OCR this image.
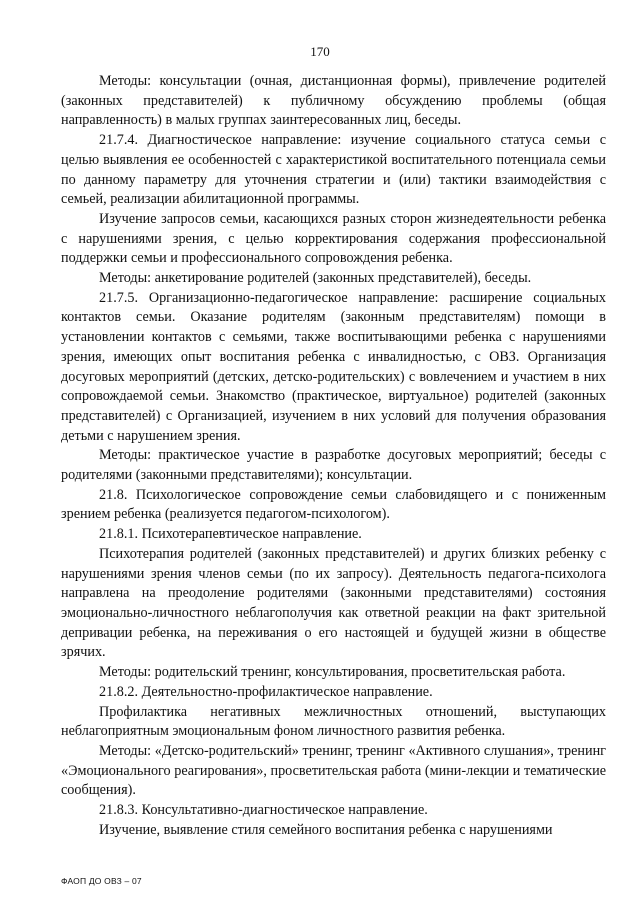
170

Методы: консультации (очная, дистанционная формы), привлечение родителей (законных представителей) к публичному обсуждению проблемы (общая направленность) в малых группах заинтересованных лиц, беседы.

21.7.4. Диагностическое направление: изучение социального статуса семьи с целью выявления ее особенностей с характеристикой воспитательного потенциала семьи по данному параметру для уточнения стратегии и (или) тактики взаимодействия с семьей, реализации абилитационной программы.

Изучение запросов семьи, касающихся разных сторон жизнедеятельности ребенка с нарушениями зрения, с целью корректирования содержания профессиональной поддержки семьи и профессионального сопровождения ребенка.

Методы: анкетирование родителей (законных представителей), беседы.

21.7.5. Организационно-педагогическое направление: расширение социальных контактов семьи. Оказание родителям (законным представителям) помощи в установлении контактов с семьями, также воспитывающими ребенка с нарушениями зрения, имеющих опыт воспитания ребенка с инвалидностью, с ОВЗ. Организация досуговых мероприятий (детских, детско-родительских) с вовлечением и участием в них сопровождаемой семьи. Знакомство (практическое, виртуальное) родителей (законных представителей) с Организацией, изучением в них условий для получения образования детьми с нарушением зрения.

Методы: практическое участие в разработке досуговых мероприятий; беседы с родителями (законными представителями); консультации.

21.8. Психологическое сопровождение семьи слабовидящего и с пониженным зрением ребенка (реализуется педагогом-психологом).

21.8.1. Психотерапевтическое направление.

Психотерапия родителей (законных представителей) и других близких ребенку с нарушениями зрения членов семьи (по их запросу). Деятельность педагога-психолога направлена на преодоление родителями (законными представителями) состояния эмоционально-личностного неблагополучия как ответной реакции на факт зрительной депривации ребенка, на переживания о его настоящей и будущей жизни в обществе зрячих.

Методы: родительский тренинг, консультирования, просветительская работа.

21.8.2. Деятельностно-профилактическое направление.

Профилактика негативных межличностных отношений, выступающих неблагоприятным эмоциональным фоном личностного развития ребенка.

Методы: «Детско-родительский» тренинг, тренинг «Активного слушания», тренинг «Эмоционального реагирования», просветительская работа (мини-лекции и тематические сообщения).

21.8.3. Консультативно-диагностическое направление.

Изучение, выявление стиля семейного воспитания ребенка с нарушениями

ФАОП ДО ОВЗ – 07
